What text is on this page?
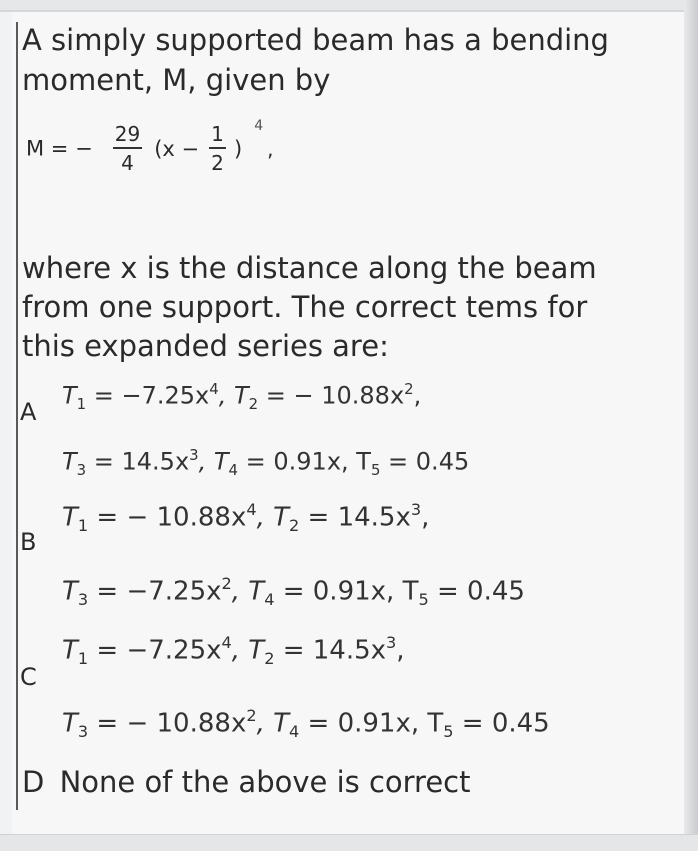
A simply supported beam has a bending
moment, M, given by
M = − $\frac{29}{4} (x - \frac{1}{2}$ ) $^4$ ,
where x is the distance along the beam
from one support. The correct tems for
this expanded series are:
A
$T_1 = -7.25x^4$, $T_2$ = − $10.88x^2$,
$T_3 = 14.5x^3$, $T_4 = 0.91x$, $T_5 = 0.45$
B
$T_1$ = − $10.88x^4$, $T_2 = 14.5x^3$,
$T_3 = -7.25x^2$, $T_4 = 0.91x$, $T_5 = 0.45$
C
$T_1 = -7.25x^4$, $T_2 = 14.5x^3$,
$T_3$ = − $10.88x^2$, $T_4 = 0.91x$, $T_5 = 0.45$
D None of the above is correct
